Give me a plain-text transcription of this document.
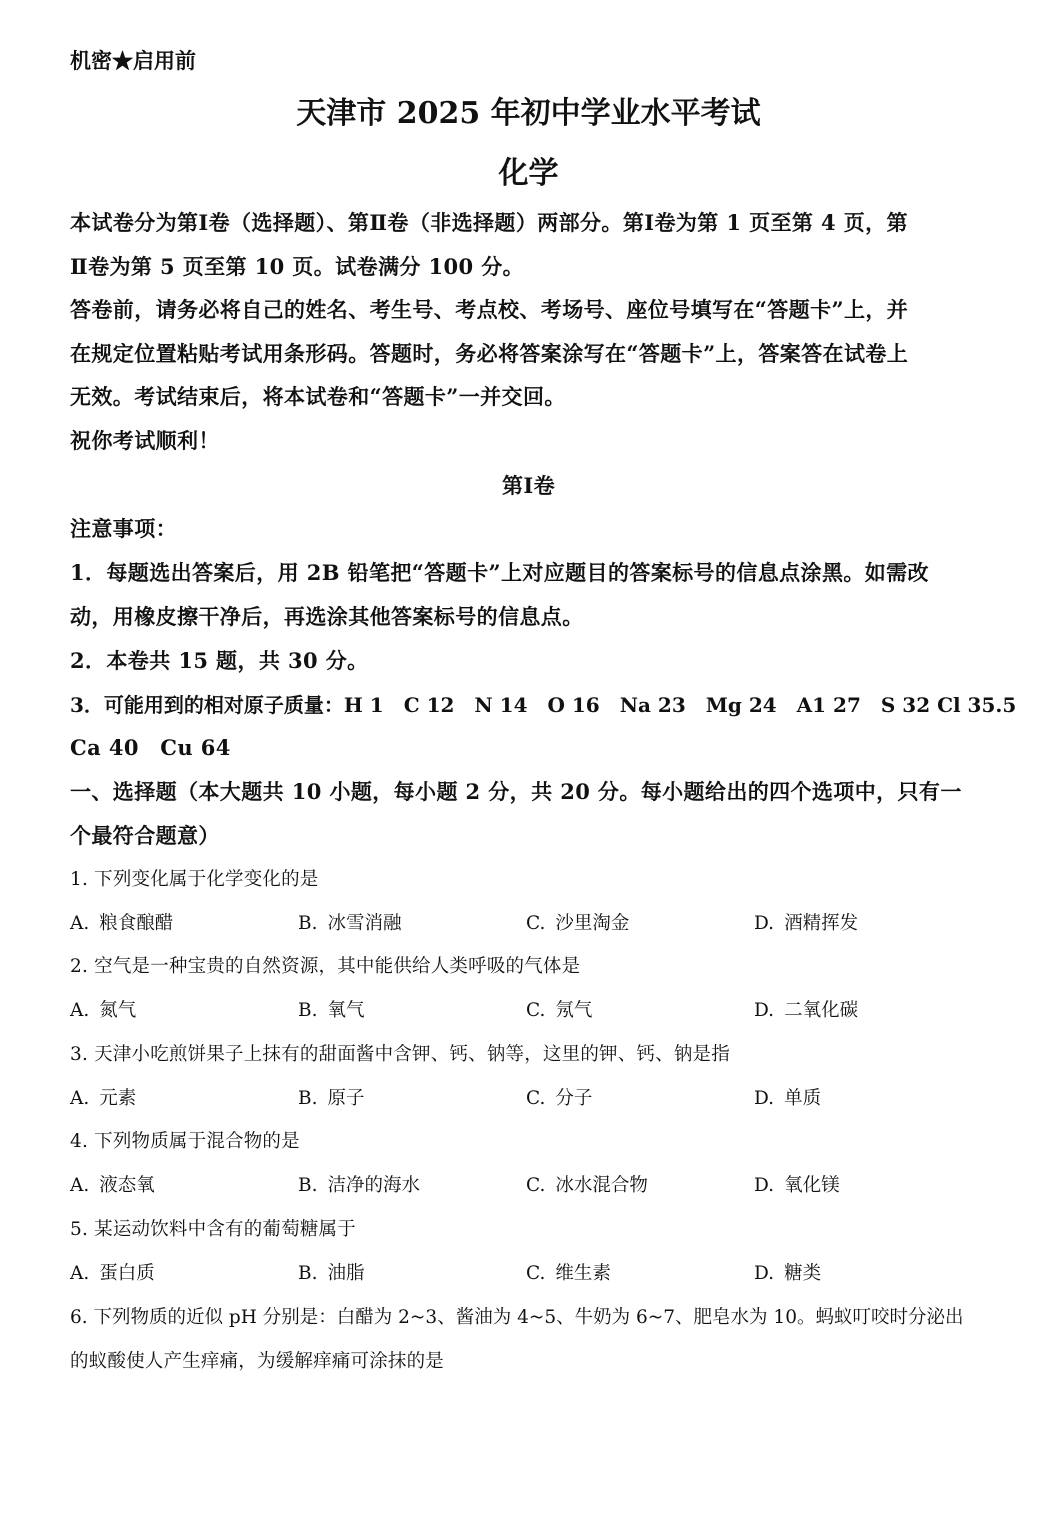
机密★启用前
天津市 2025 年初中学业水平考试
化学
本试卷分为第Ⅰ卷（选择题）、第Ⅱ卷（非选择题）两部分。第Ⅰ卷为第 1 页至第 4 页，第
Ⅱ卷为第 5 页至第 10 页。试卷满分 100 分。
答卷前，请务必将自己的姓名、考生号、考点校、考场号、座位号填写在“答题卡”上，并
在规定位置粘贴考试用条形码。答题时，务必将答案涂写在“答题卡”上，答案答在试卷上
无效。考试结束后，将本试卷和“答题卡”一并交回。
祝你考试顺利！
第Ⅰ卷
注意事项：
1．每题选出答案后，用 2B 铅笔把“答题卡”上对应题目的答案标号的信息点涂黑。如需改
动，用橡皮擦干净后，再选涂其他答案标号的信息点。
2．本卷共 15 题，共 30 分。
3．可能用到的相对原子质量：H 1　C 12　N 14　O 16　Na 23　Mg 24　A1 27　S 32 Cl 35.5
Ca 40　Cu 64
一、选择题（本大题共 10 小题，每小题 2 分，共 20 分。每小题给出的四个选项中，只有一
个最符合题意）
1. 下列变化属于化学变化的是
A. 粮食酿醋	B. 冰雪消融	C. 沙里淘金	D. 酒精挥发
2. 空气是一种宝贵的自然资源，其中能供给人类呼吸的气体是
A. 氮气	B. 氧气	C. 氖气	D. 二氧化碳
3. 天津小吃煎饼果子上抹有的甜面酱中含钾、钙、钠等，这里的钾、钙、钠是指
A. 元素	B. 原子	C. 分子	D. 单质
4. 下列物质属于混合物的是
A. 液态氧	B. 洁净的海水	C. 冰水混合物	D. 氧化镁
5. 某运动饮料中含有的葡萄糖属于
A. 蛋白质	B. 油脂	C. 维生素	D. 糖类
6. 下列物质的近似 pH 分别是：白醋为 2~3、酱油为 4~5、牛奶为 6~7、肥皂水为 10。蚂蚁叮咬时分泌出
的蚁酸使人产生痒痛，为缓解痒痛可涂抹的是
